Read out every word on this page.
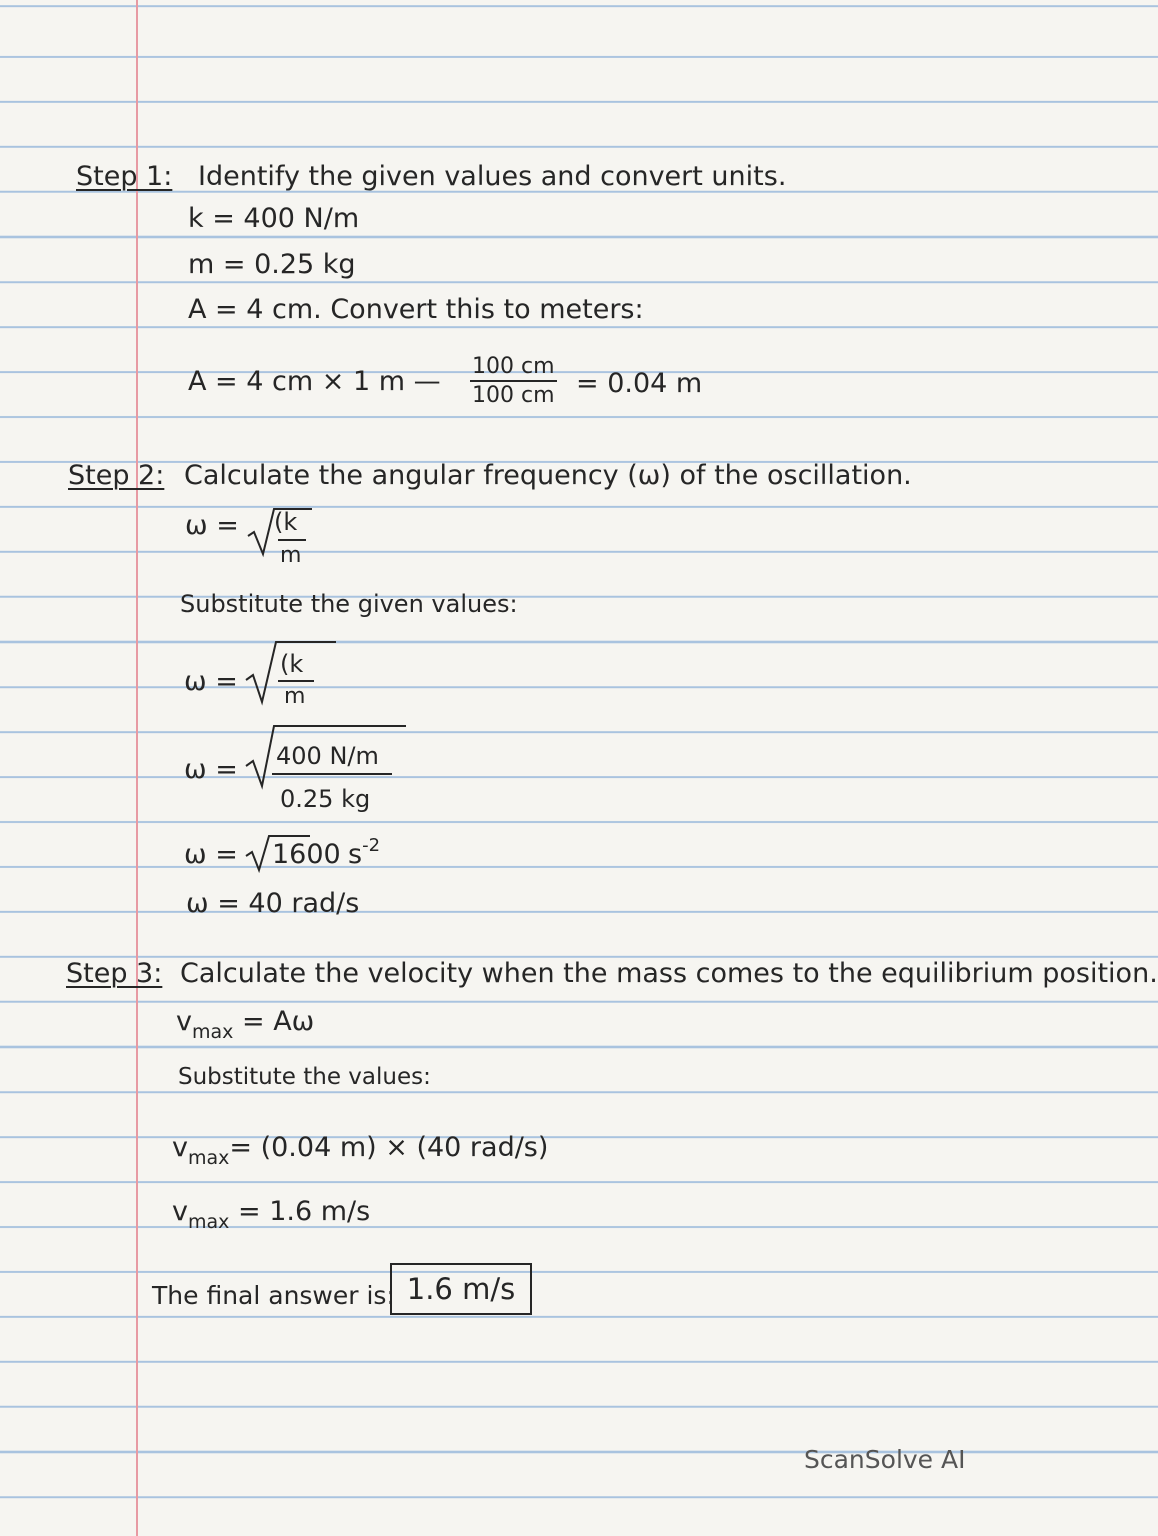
Step 1: Identify the given values and convert units.
k = 400 N/m
m = 0.25 kg
A = 4 cm. Convert this to meters:
A = 4 cm × 1 m — $\frac{100 cm}{100 cm} = 0.04$ m
Step 2: Calculate the angular frequency (ω) of the oscillation.
ω = (k
m
Substitute the given values:
ω =
(k
m
ω = 400 N/m
0.25 kg
ω = 1600 $s^{-2}$
ω = 40 rad/s
Step 3: Calculate the velocity when the mass comes to the equilibrium position.
$v_{max} = A\omega$
Substitute the values:
$v_{max}= (0.04$ m) × (40 rad/s)
$v_{max} = 1.6$ m/s
The final answer is: 1.6 m/s
ScanSolve AI
